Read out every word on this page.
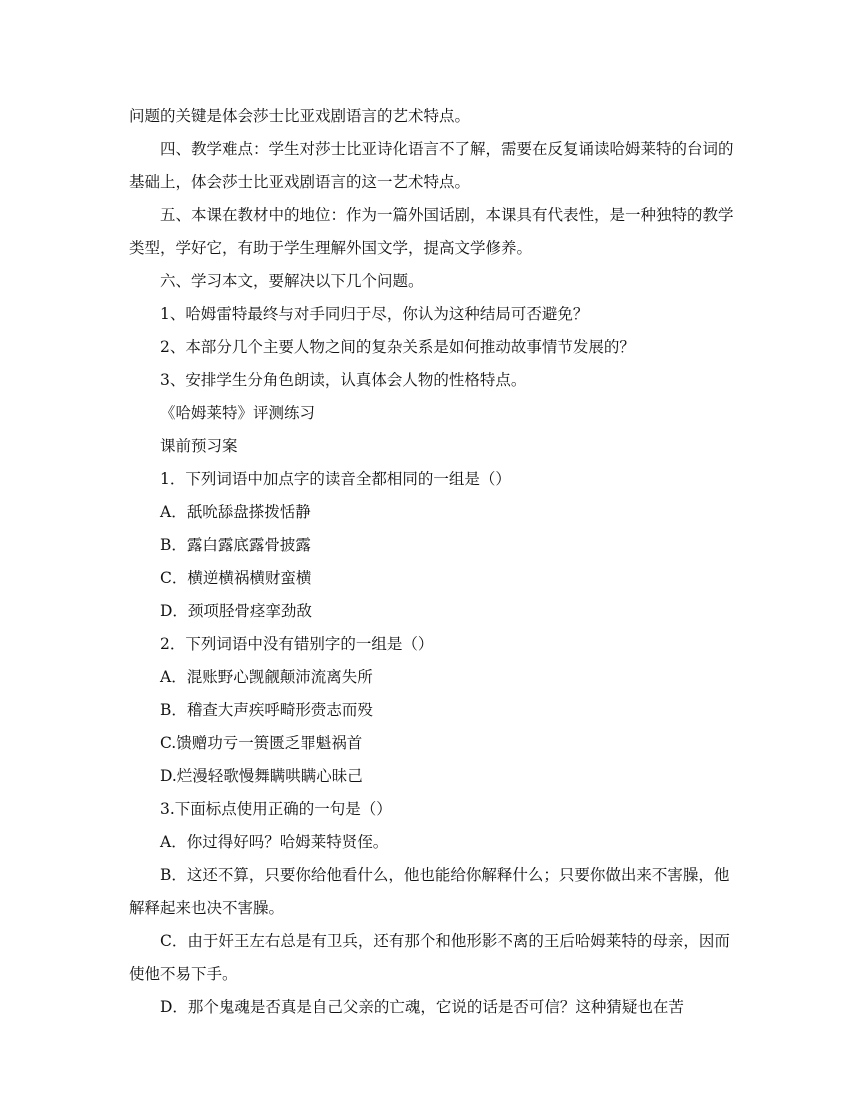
问题的关键是体会莎士比亚戏剧语言的艺术特点。

四、教学难点：学生对莎士比亚诗化语言不了解，需要在反复诵读哈姆莱特的台词的基础上，体会莎士比亚戏剧语言的这一艺术特点。

五、本课在教材中的地位：作为一篇外国话剧，本课具有代表性，是一种独特的教学类型，学好它，有助于学生理解外国文学，提高文学修养。

六、学习本文，要解决以下几个问题。

1、哈姆雷特最终与对手同归于尽，你认为这种结局可否避免？

2、本部分几个主要人物之间的复杂关系是如何推动故事情节发展的？

3、安排学生分角色朗读，认真体会人物的性格特点。

《哈姆莱特》评测练习

课前预习案

1．下列词语中加点字的读音全都相同的一组是（）

A．舐吮舔盘搽拨恬静

B．露白露底露骨披露

C．横逆横祸横财蛮横

D．颈项胫骨痉挛劲敌

2．下列词语中没有错别字的一组是（）

A．混账野心觊觎颠沛流离失所

B．稽查大声疾呼畸形赍志而殁

C.馈赠功亏一篑匮乏罪魁祸首

D.烂漫轻歌慢舞瞒哄瞒心昧己

3.下面标点使用正确的一句是（）

A．你过得好吗？哈姆莱特贤侄。

B．这还不算，只要你给他看什么，他也能给你解释什么；只要你做出来不害臊，他解释起来也决不害臊。

C．由于奸王左右总是有卫兵，还有那个和他形影不离的王后哈姆莱特的母亲，因而使他不易下手。

D．那个鬼魂是否真是自己父亲的亡魂，它说的话是否可信？这种猜疑也在苦
